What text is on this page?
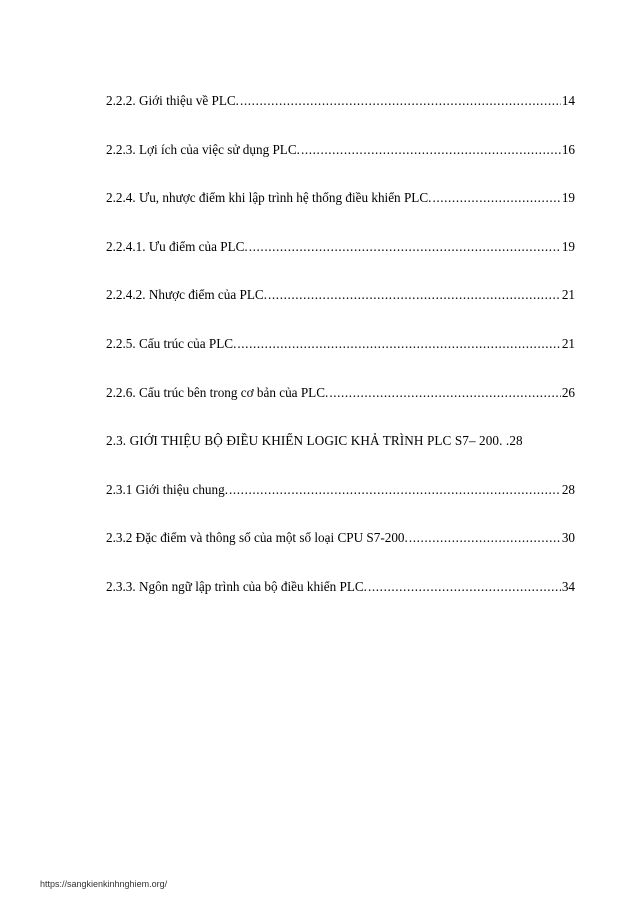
2.2.2. Giới thiệu về PLC. .....	14
2.2.3. Lợi ích của việc sử dụng PLC. .....	16
2.2.4. Ưu, nhược điểm khi lập trình hệ thống điều khiển PLC. .....	19
2.2.4.1. Ưu điểm của PLC. .....	19
2.2.4.2. Nhược điểm của PLC. .....	21
2.2.5. Cấu trúc của PLC. .....	21
2.2.6. Cấu trúc bên trong cơ bản của PLC. .....	26
2.3. GIỚI THIỆU BỘ ĐIỀU KHIỂN LOGIC KHẢ TRÌNH PLC S7– 200. . 28
2.3.1 Giới thiệu chung. .....	28
2.3.2 Đặc điểm và thông số của một số loại CPU S7-200. .....	30
2.3.3. Ngôn ngữ lập trình của bộ điều khiển PLC. .....	34
https://sangkienkinhnghiem.org/
